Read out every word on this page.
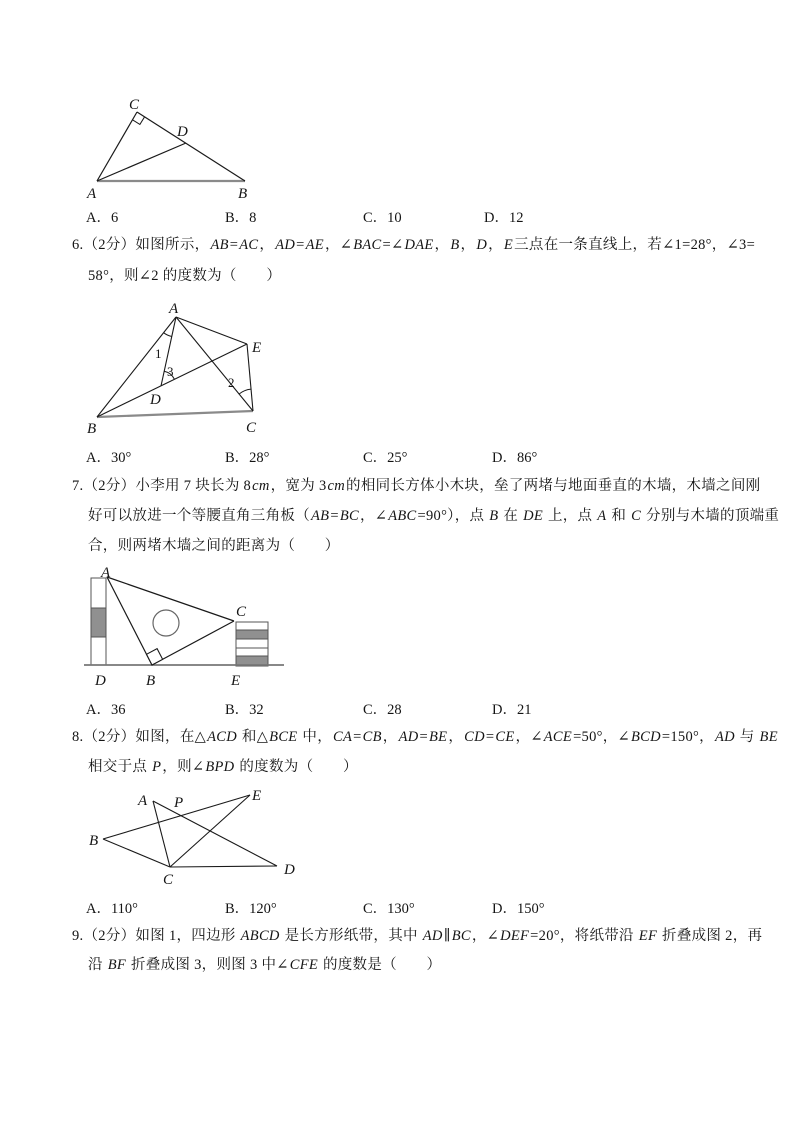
C
D
A	B
A．6	B．8	C．10	D．12
6.（2分）如图所示，AB=AC，AD=AE，∠BAC=∠DAE，B，D，E三点在一条直线上，若∠1=28°，∠3=
58°，则∠2 的度数为（　　）
A
B	C
D
E
1
3
2
A．30°	B．28°	C．25°	D．86°
7.（2分）小李用 7 块长为 8cm，宽为 3cm的相同长方体小木块，垒了两堵与地面垂直的木墙，木墙之间刚
好可以放进一个等腰直角三角板（AB=BC，∠ABC=90°），点 B 在 DE 上，点 A 和 C 分别与木墙的顶端重
合，则两堵木墙之间的距离为（　　）
A
C
D	B	E
A．36	B．32	C．28	D．21
8.（2分）如图，在△ACD 和△BCE 中，CA=CB，AD=BE，CD=CE，∠ACE=50°，∠BCD=150°，AD 与 BE
相交于点 P，则∠BPD 的度数为（　　）
A P	E
B
C
D
A．110°	B．120°	C．130°	D．150°
9.（2分）如图 1，四边形 ABCD 是长方形纸带，其中 AD∥BC，∠DEF=20°，将纸带沿 EF 折叠成图 2，再
沿 BF 折叠成图 3，则图 3 中∠CFE 的度数是（　　）
